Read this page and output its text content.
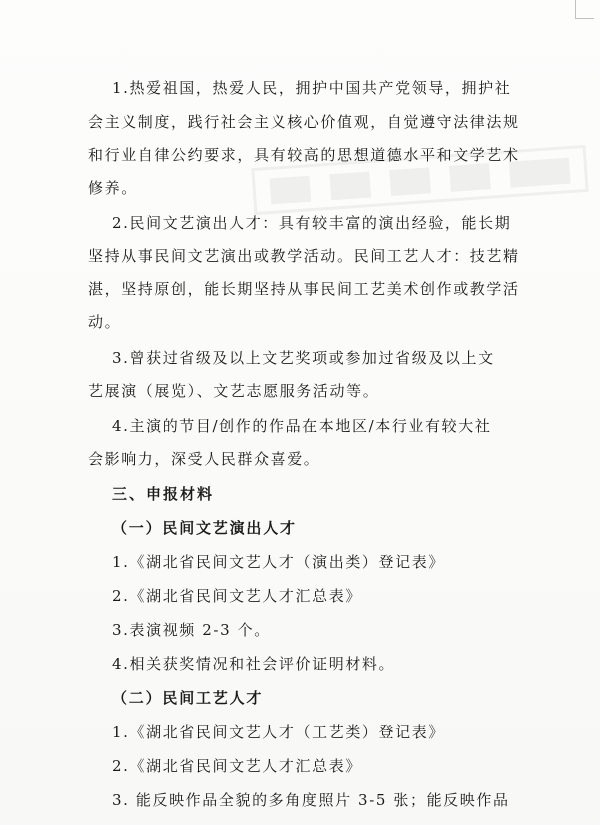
1.热爱祖国，热爱人民，拥护中国共产党领导，拥护社
会主义制度，践行社会主义核心价值观，自觉遵守法律法规
和行业自律公约要求，具有较高的思想道德水平和文学艺术
修养。
2.民间文艺演出人才：具有较丰富的演出经验，能长期
坚持从事民间文艺演出或教学活动。民间工艺人才：技艺精
湛，坚持原创，能长期坚持从事民间工艺美术创作或教学活
动。
3.曾获过省级及以上文艺奖项或参加过省级及以上文
艺展演（展览）、文艺志愿服务活动等。
4.主演的节目/创作的作品在本地区/本行业有较大社
会影响力，深受人民群众喜爱。
三、申报材料
（一）民间文艺演出人才
1.《湖北省民间文艺人才（演出类）登记表》
2.《湖北省民间文艺人才汇总表》
3.表演视频 2-3 个。
4.相关获奖情况和社会评价证明材料。
（二）民间工艺人才
1.《湖北省民间文艺人才（工艺类）登记表》
2.《湖北省民间文艺人才汇总表》
3. 能反映作品全貌的多角度照片 3-5 张；能反映作品
